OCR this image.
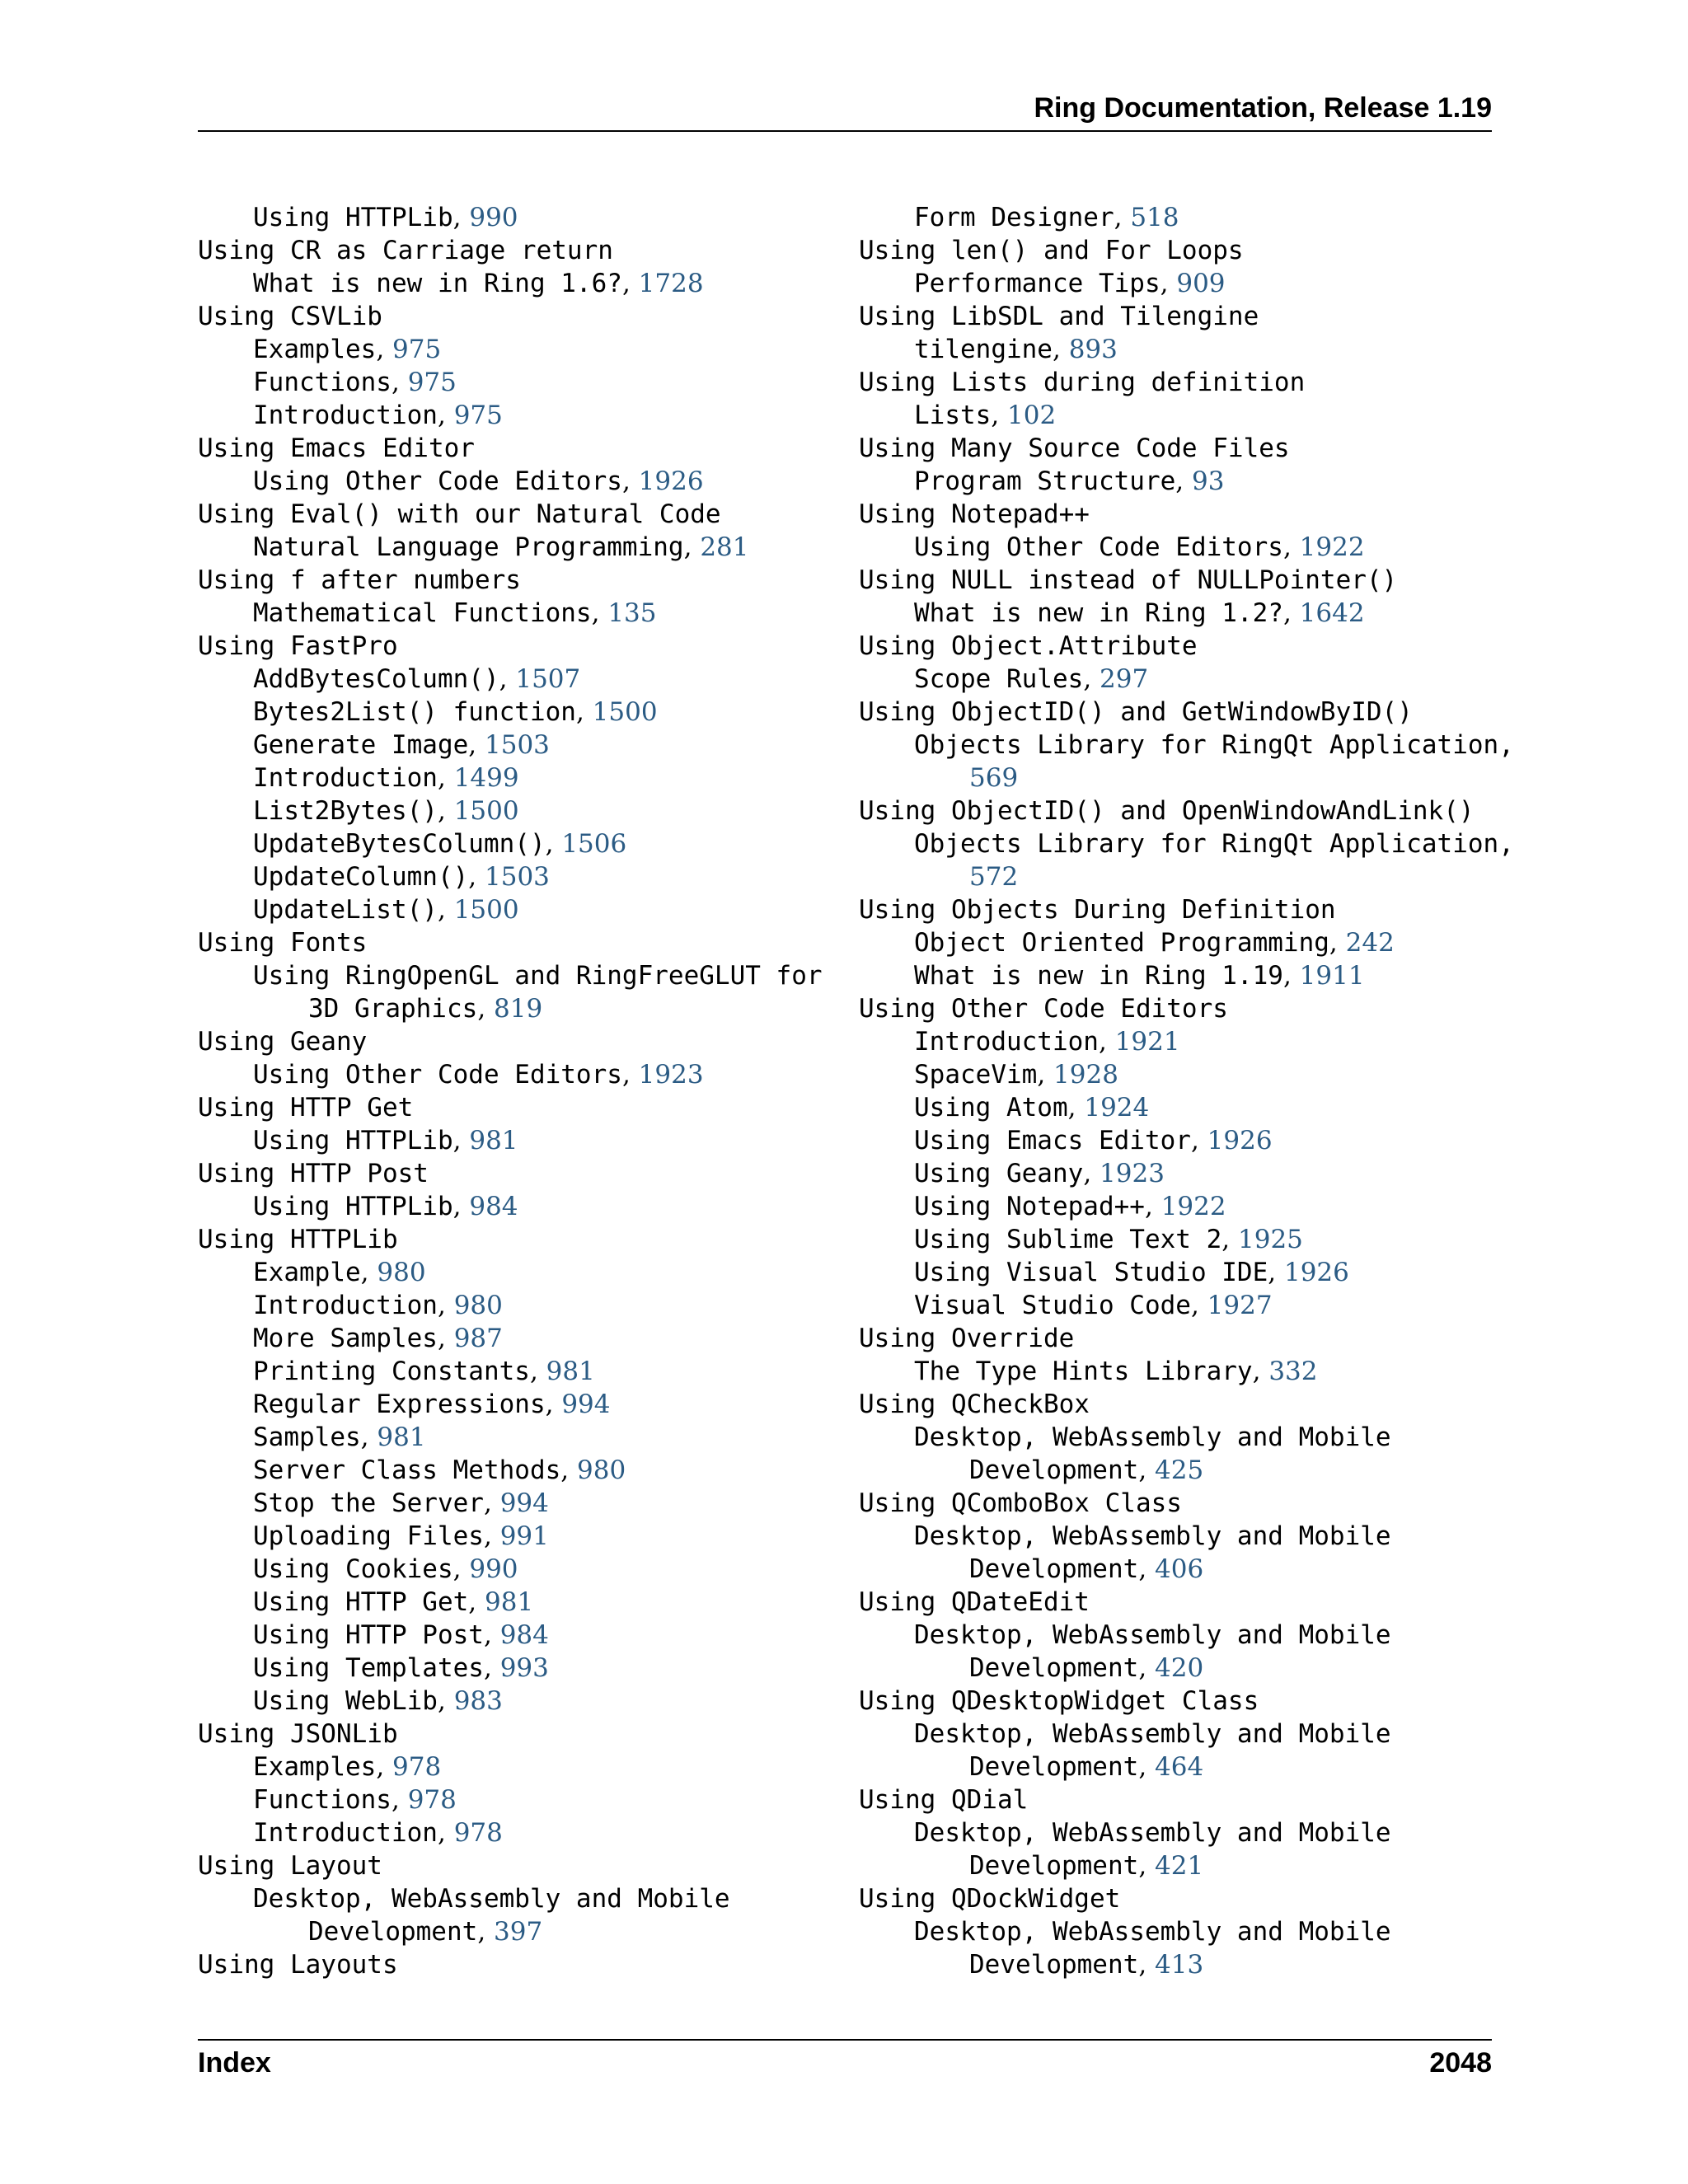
Ring Documentation, Release 1.19
Using HTTPLib, 990
Using CR as Carriage return
What is new in Ring 1.6?, 1728
Using CSVLib
Examples, 975
Functions, 975
Introduction, 975
Using Emacs Editor
Using Other Code Editors, 1926
Using Eval() with our Natural Code
Natural Language Programming, 281
Using f after numbers
Mathematical Functions, 135
Using FastPro
AddBytesColumn(), 1507
Bytes2List() function, 1500
Generate Image, 1503
Introduction, 1499
List2Bytes(), 1500
UpdateBytesColumn(), 1506
UpdateColumn(), 1503
UpdateList(), 1500
Using Fonts
Using RingOpenGL and RingFreeGLUT for
3D Graphics, 819
Using Geany
Using Other Code Editors, 1923
Using HTTP Get
Using HTTPLib, 981
Using HTTP Post
Using HTTPLib, 984
Using HTTPLib
Example, 980
Introduction, 980
More Samples, 987
Printing Constants, 981
Regular Expressions, 994
Samples, 981
Server Class Methods, 980
Stop the Server, 994
Uploading Files, 991
Using Cookies, 990
Using HTTP Get, 981
Using HTTP Post, 984
Using Templates, 993
Using WebLib, 983
Using JSONLib
Examples, 978
Functions, 978
Introduction, 978
Using Layout
Desktop, WebAssembly and Mobile
Development, 397
Using Layouts
Form Designer, 518
Using len() and For Loops
Performance Tips, 909
Using LibSDL and Tilengine
tilengine, 893
Using Lists during definition
Lists, 102
Using Many Source Code Files
Program Structure, 93
Using Notepad++
Using Other Code Editors, 1922
Using NULL instead of NULLPointer()
What is new in Ring 1.2?, 1642
Using Object.Attribute
Scope Rules, 297
Using ObjectID() and GetWindowByID()
Objects Library for RingQt Application,
569
Using ObjectID() and OpenWindowAndLink()
Objects Library for RingQt Application,
572
Using Objects During Definition
Object Oriented Programming, 242
What is new in Ring 1.19, 1911
Using Other Code Editors
Introduction, 1921
SpaceVim, 1928
Using Atom, 1924
Using Emacs Editor, 1926
Using Geany, 1923
Using Notepad++, 1922
Using Sublime Text 2, 1925
Using Visual Studio IDE, 1926
Visual Studio Code, 1927
Using Override
The Type Hints Library, 332
Using QCheckBox
Desktop, WebAssembly and Mobile
Development, 425
Using QComboBox Class
Desktop, WebAssembly and Mobile
Development, 406
Using QDateEdit
Desktop, WebAssembly and Mobile
Development, 420
Using QDesktopWidget Class
Desktop, WebAssembly and Mobile
Development, 464
Using QDial
Desktop, WebAssembly and Mobile
Development, 421
Using QDockWidget
Desktop, WebAssembly and Mobile
Development, 413
Index	2048
